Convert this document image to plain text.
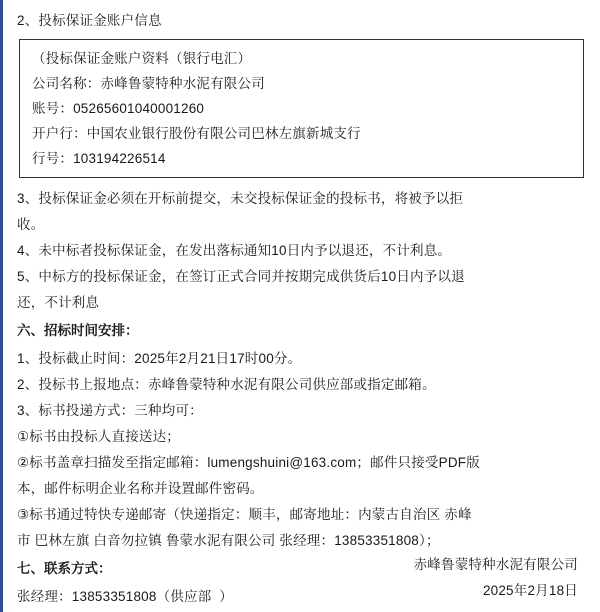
2、投标保证金账户信息
（投标保证金账户资料（银行电汇）
公司名称：赤峰鲁蒙特种水泥有限公司
账号：05265601040001260
开户行：中国农业银行股份有限公司巴林左旗新城支行
行号：103194226514
3、投标保证金必须在开标前提交，未交投标保证金的投标书，将被予以拒
收。
4、未中标者投标保证金，在发出落标通知10日内予以退还，不计利息。
5、中标方的投标保证金，在签订正式合同并按期完成供货后10日内予以退
还，不计利息
六、招标时间安排：
1、投标截止时间：2025年2月21日17时00分。
2、投标书上报地点：赤峰鲁蒙特种水泥有限公司供应部或指定邮箱。
3、标书投递方式：三种均可：
①标书由投标人直接送达；
②标书盖章扫描发至指定邮箱：lumengshuini@163.com；邮件只接受PDF版
本，邮件标明企业名称并设置邮件密码。
③标书通过特快专递邮寄（快递指定：顺丰，邮寄地址：内蒙古自治区 赤峰
市 巴林左旗 白音勿拉镇 鲁蒙水泥有限公司 张经理：13853351808）；
七、联系方式：
张经理：13853351808（供应部  ）
赤峰鲁蒙特种水泥有限公司
2025年2月18日
